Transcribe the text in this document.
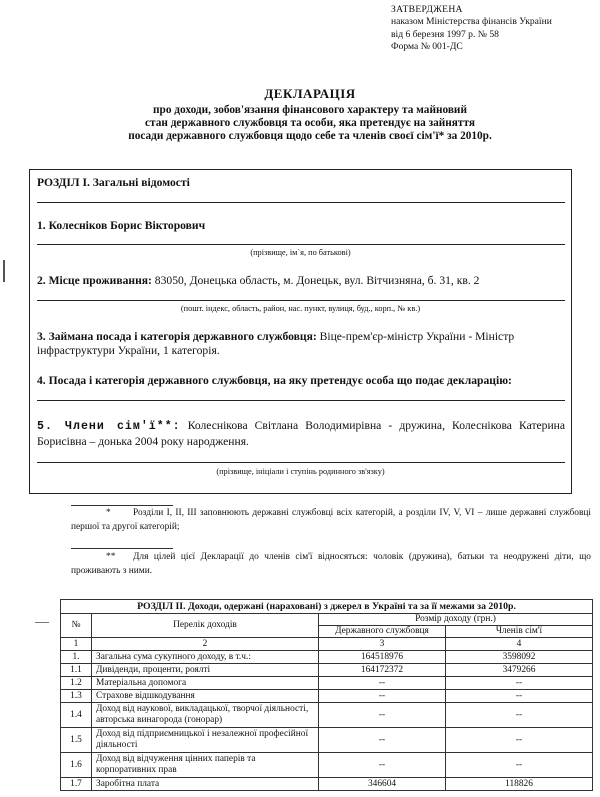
ЗАТВЕРДЖЕНА
наказом Міністерства фінансів України
від 6 березня 1997 р. № 58
Форма № 001-ДС
ДЕКЛАРАЦІЯ
про доходи, зобов'язання фінансового характеру та майновий
стан державного службовця та особи, яка претендує на зайняття
посади державного службовця щодо себе та членів своєї сім'ї* за 2010р.
РОЗДІЛ І. Загальні відомості
1. Колесніков Борис Вікторович
(прізвище, ім`я, по батькові)
2. Місце проживання: 83050, Донецька область, м. Донецьк, вул. Вітчизняна, б. 31, кв. 2
(пошт. індекс, область, район, нас. пункт, вулиця, буд., корп., № кв.)
3. Займана посада і категорія державного службовця: Віце-прем'єр-міністр України - Міністр інфраструктури України, 1 категорія.
4. Посада і категорія державного службовця, на яку претендує особа що подає декларацію:
5. Члени сім'ї**: Колеснікова Світлана Володимирівна - дружина, Колеснікова Катерина Борисівна – донька 2004 року народження.
(прізвище, ініціали і ступінь родинного зв'язку)
* Розділи І, ІІ, ІІІ заповнюють державні службовці всіх категорій, а розділи IV, V, VI – лише державні службовці першої та другої категорій;
** Для цілей цієї Декларації до членів сім'ї відносяться: чоловік (дружина), батьки та неодружені діти, що проживають з ними.
РОЗДІЛ ІІ. Доходи, одержані (нараховані) з джерел в Україні та за її межами за 2010р.			
№	Перелік доходів	Розмір доходу (грн.)	
		Державного службовця	Членів сім'ї
1	2	3	4
1.	Загальна сума сукупного доходу, в т.ч.:	164518976	3598092
1.1	Дивіденди, проценти, роялті	164172372	3479266
1.2	Матеріальна допомога	--	--
1.3	Страхове відшкодування	--	--
1.4	Доход від наукової, викладацької, творчої діяльності, авторська винагорода (гонорар)	--	--
1.5	Доход від підприємницької і незалежної професійної діяльності	--	--
1.6	Доход від відчуження цінних паперів та корпоративних прав	--	--
1.7	Заробітна плата	346604	118826
